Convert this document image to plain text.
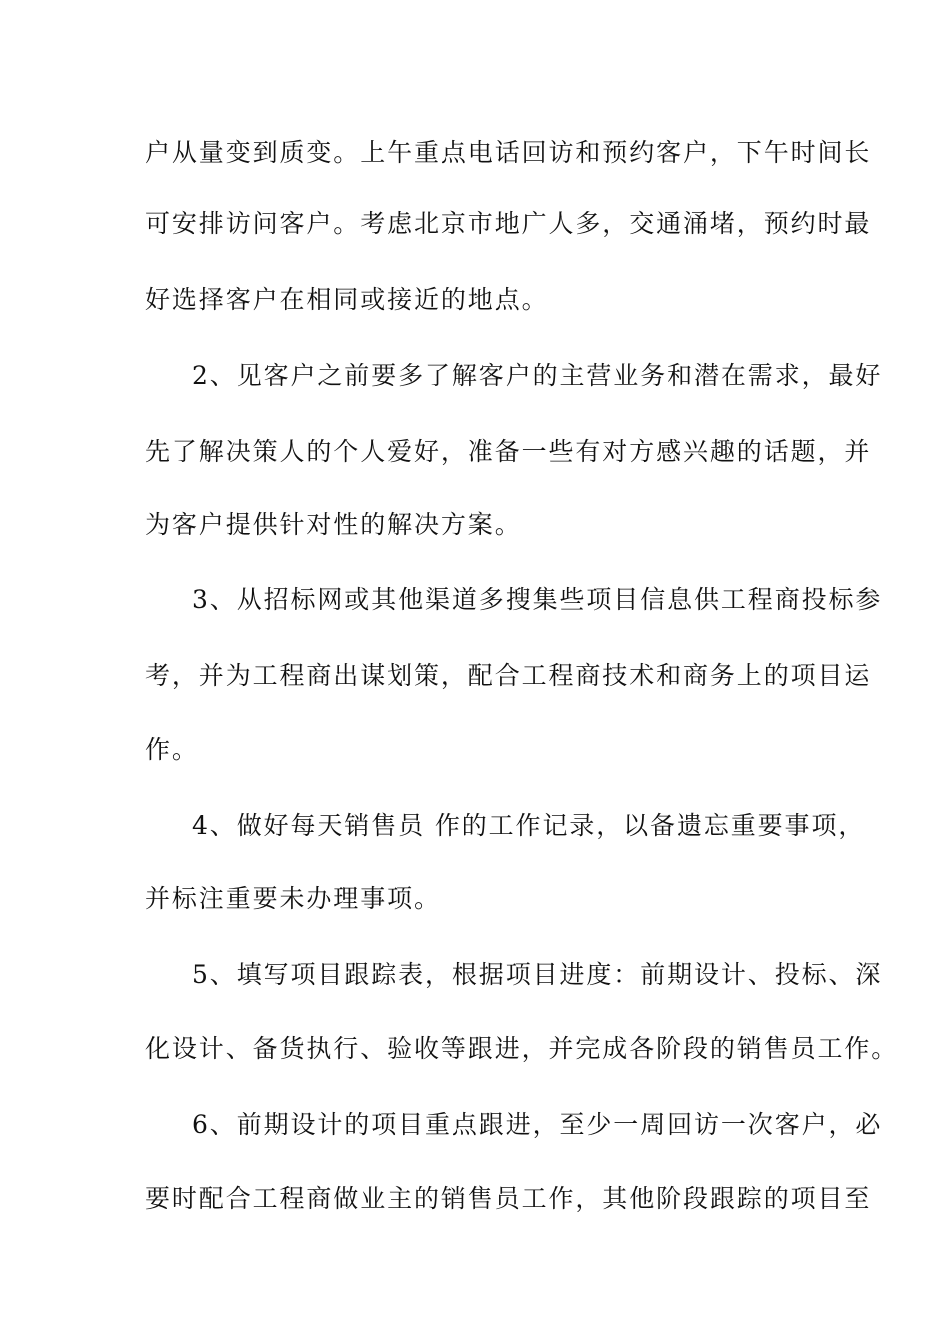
户从量变到质变。上午重点电话回访和预约客户，下午时间长
可安排访问客户。考虑北京市地广人多，交通涌堵，预约时最
好选择客户在相同或接近的地点。
2、见客户之前要多了解客户的主营业务和潜在需求，最好
先了解决策人的个人爱好，准备一些有对方感兴趣的话题，并
为客户提供针对性的解决方案。
3、从招标网或其他渠道多搜集些项目信息供工程商投标参
考，并为工程商出谋划策，配合工程商技术和商务上的项目运
作。
4、做好每天销售员 作的工作记录，以备遗忘重要事项，
并标注重要未办理事项。
5、填写项目跟踪表，根据项目进度：前期设计、投标、深
化设计、备货执行、验收等跟进，并完成各阶段的销售员工作。
6、前期设计的项目重点跟进，至少一周回访一次客户，必
要时配合工程商做业主的销售员工作，其他阶段跟踪的项目至
